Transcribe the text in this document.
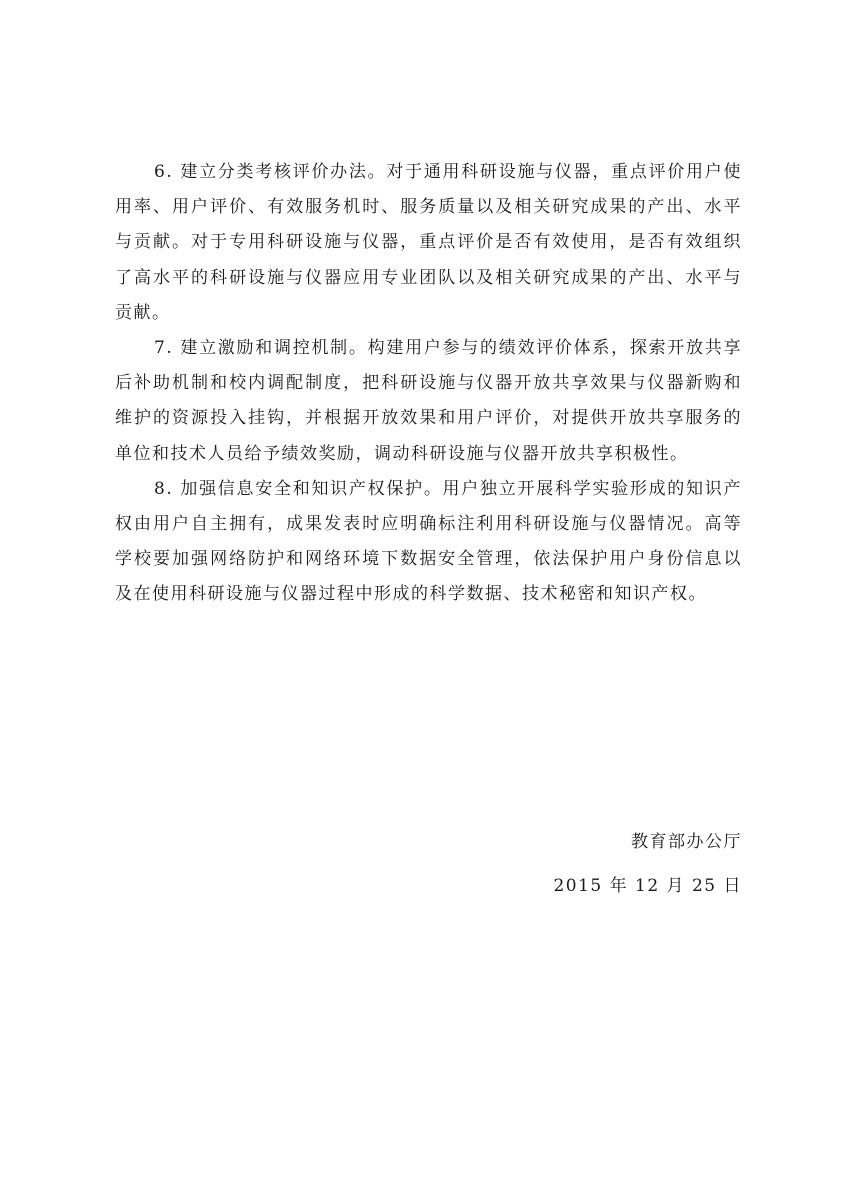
6. 建立分类考核评价办法。对于通用科研设施与仪器，重点评价用户使用率、用户评价、有效服务机时、服务质量以及相关研究成果的产出、水平与贡献。对于专用科研设施与仪器，重点评价是否有效使用，是否有效组织了高水平的科研设施与仪器应用专业团队以及相关研究成果的产出、水平与贡献。

7. 建立激励和调控机制。构建用户参与的绩效评价体系，探索开放共享后补助机制和校内调配制度，把科研设施与仪器开放共享效果与仪器新购和维护的资源投入挂钩，并根据开放效果和用户评价，对提供开放共享服务的单位和技术人员给予绩效奖励，调动科研设施与仪器开放共享积极性。

8. 加强信息安全和知识产权保护。用户独立开展科学实验形成的知识产权由用户自主拥有，成果发表时应明确标注利用科研设施与仪器情况。高等学校要加强网络防护和网络环境下数据安全管理，依法保护用户身份信息以及在使用科研设施与仪器过程中形成的科学数据、技术秘密和知识产权。

教育部办公厅
2015 年 12 月 25 日
